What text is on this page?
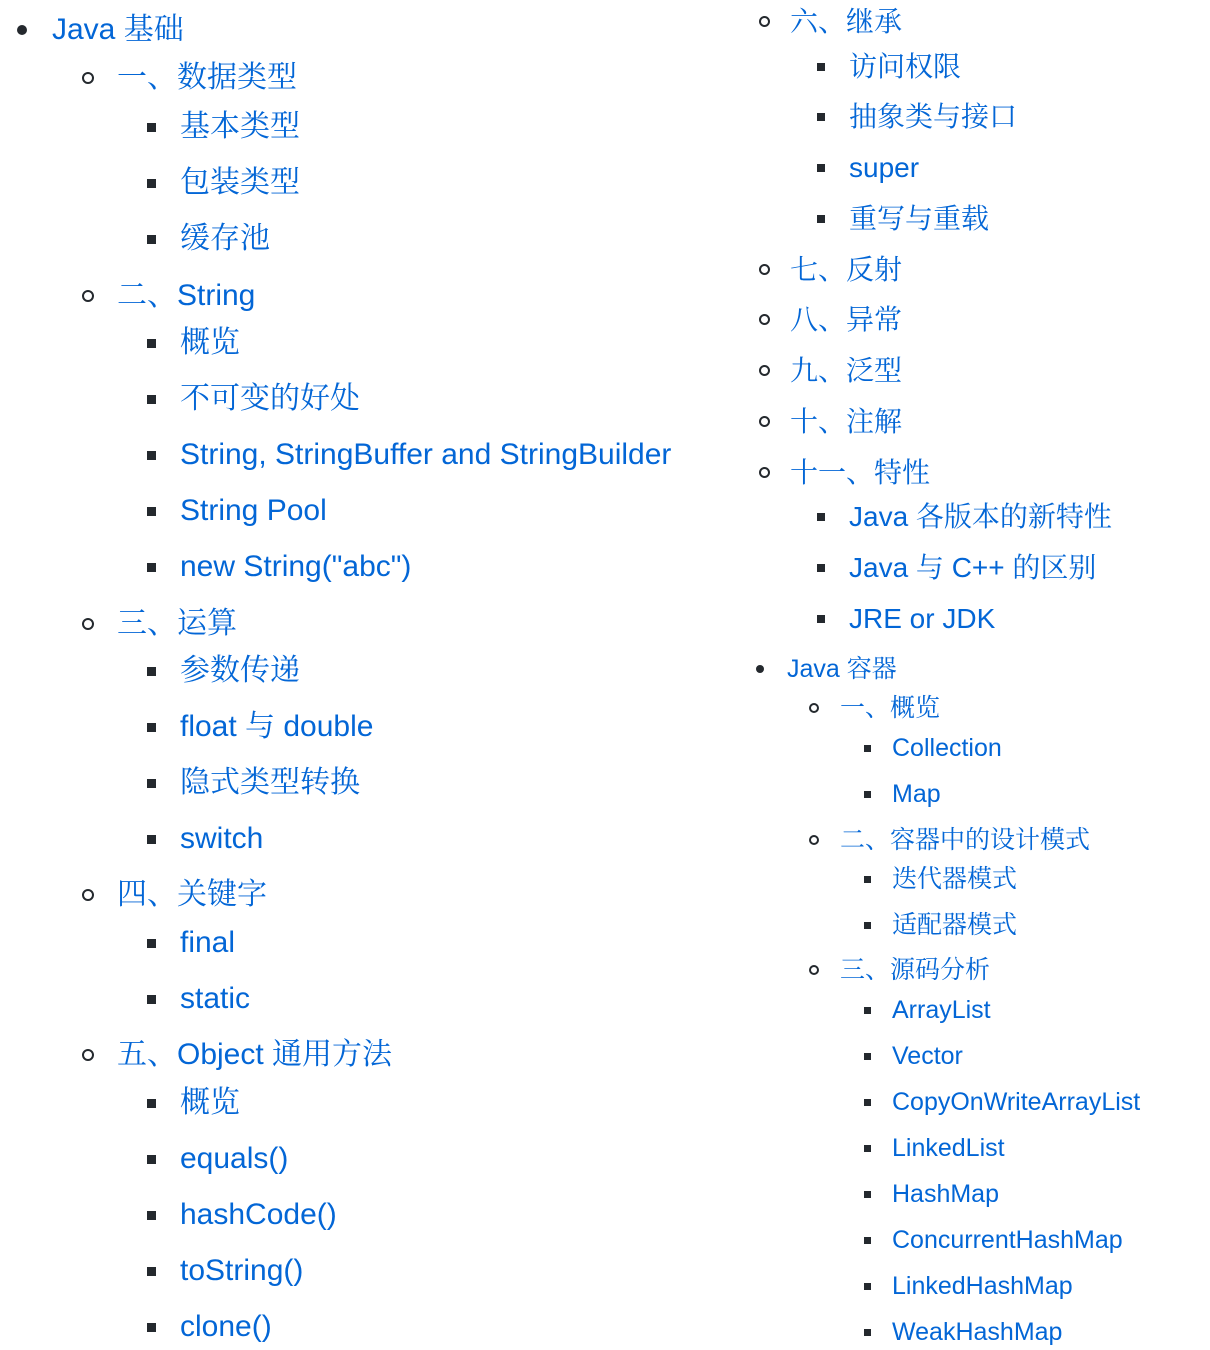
Java 基础
一、数据类型
基本类型
包装类型
缓存池
二、String
概览
不可变的好处
String, StringBuffer and StringBuilder
String Pool
new String("abc")
三、运算
参数传递
float 与 double
隐式类型转换
switch
四、关键字
final
static
五、Object 通用方法
概览
equals()
hashCode()
toString()
clone()
六、继承
访问权限
抽象类与接口
super
重写与重载
七、反射
八、异常
九、泛型
十、注解
十一、特性
Java 各版本的新特性
Java 与 C++ 的区别
JRE or JDK
Java 容器
一、概览
Collection
Map
二、容器中的设计模式
迭代器模式
适配器模式
三、源码分析
ArrayList
Vector
CopyOnWriteArrayList
LinkedList
HashMap
ConcurrentHashMap
LinkedHashMap
WeakHashMap
